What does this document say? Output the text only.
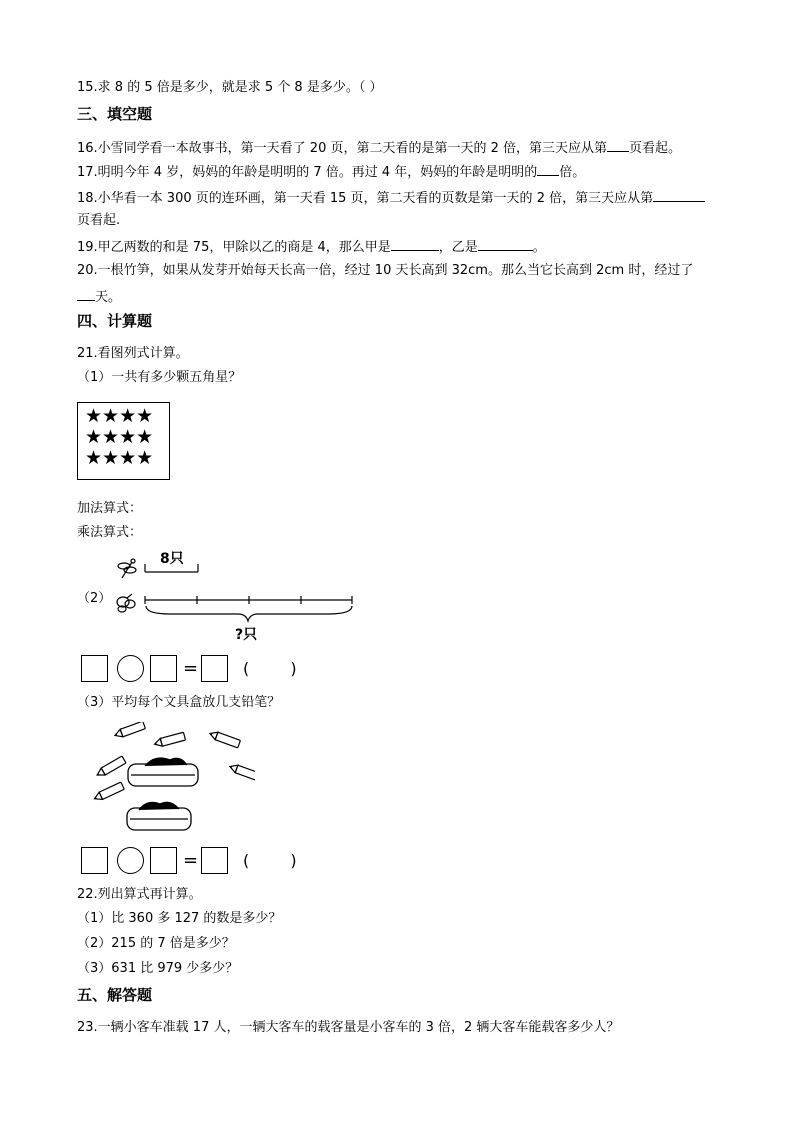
15.求 8 的 5 倍是多少，就是求 5 个 8 是多少。（ ）
三、填空题
16.小雪同学看一本故事书，第一天看了 20 页，第二天看的是第一天的 2 倍，第三天应从第 页看起。
17.明明今年 4 岁，妈妈的年龄是明明的 7 倍。再过 4 年，妈妈的年龄是明明的 倍。
18.小华看一本 300 页的连环画，第一天看 15 页，第二天看的页数是第一天的 2 倍，第三天应从第
页看起.
19.甲乙两数的和是 75，甲除以乙的商是 4，那么甲是	，乙是	。
20.一根竹笋，如果从发芽开始每天长高一倍，经过 10 天长高到 32cm。那么当它长高到 2cm 时，经过了
天。
四、计算题
21.看图列式计算。
（1）一共有多少颗五角星？
★★★★
★★★★
★★★★
加法算式：
乘法算式：
（2）
8只
?只
=	( )
（3）平均每个文具盒放几支铅笔？
=	( )
22.列出算式再计算。
（1）比 360 多 127 的数是多少？
（2）215 的 7 倍是多少？
（3）631 比 979 少多少？
五、解答题
23.一辆小客车准载 17 人，一辆大客车的载客量是小客车的 3 倍，2 辆大客车能载客多少人？
